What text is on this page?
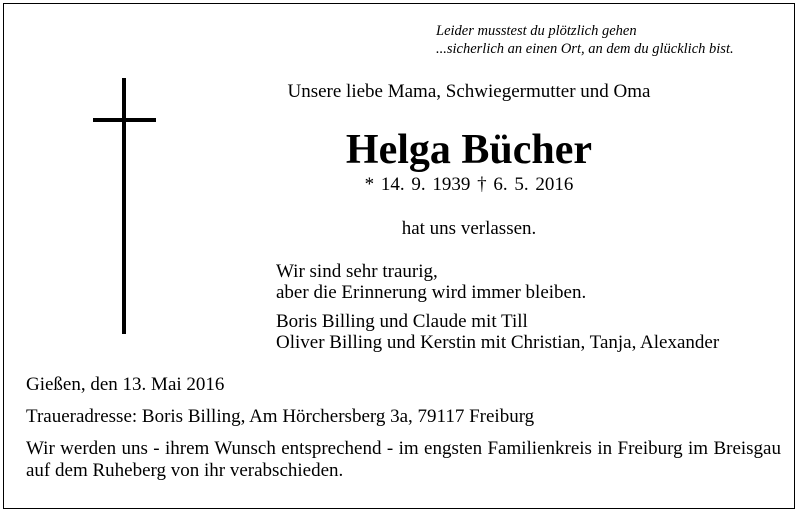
Leider musstest du plötzlich gehen
...sicherlich an einen Ort, an dem du glücklich bist.
Unsere liebe Mama, Schwiegermutter und Oma
Helga Bücher
* 14. 9. 1939 † 6. 5. 2016
hat uns verlassen.
Wir sind sehr traurig,
aber die Erinnerung wird immer bleiben.
Boris Billing und Claude mit Till
Oliver Billing und Kerstin mit Christian, Tanja, Alexander
Gießen, den 13. Mai 2016
Traueradresse: Boris Billing, Am Hörchersberg 3a, 79117 Freiburg
Wir werden uns - ihrem Wunsch entsprechend - im engsten Familienkreis in Freiburg im Breisgau auf dem Ruheberg von ihr verabschieden.
